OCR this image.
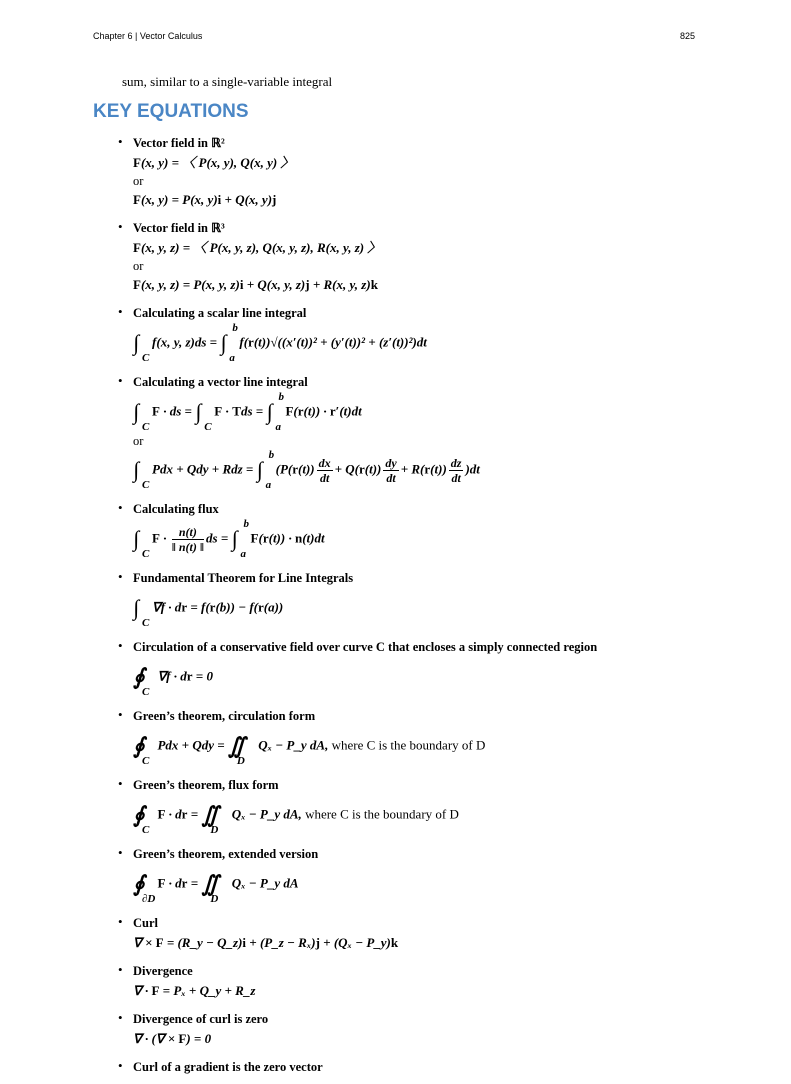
Chapter 6 | Vector Calculus	825
sum, similar to a single-variable integral
KEY EQUATIONS
• Vector field in ℝ²
F(x, y) = 〈 P(x, y), Q(x, y) 〉
or
F(x, y) = P(x, y)i + Q(x, y)j
• Vector field in ℝ³
F(x, y, z) = 〈 P(x, y, z), Q(x, y, z), R(x, y, z) 〉
or
F(x, y, z) = P(x, y, z)i + Q(x, y, z)j + R(x, y, z)k
• Calculating a scalar line integral
∫
C
f(x, y, z)ds = ∫
a
b
f(r(t))√((x′(t))² + (y′(t))² + (z′(t))²)dt
• Calculating a vector line integral
∫
C
F · ds = ∫
C
F · Tds = ∫
a
b
F(r(t)) · r′(t)dt
or
∫
C
Pdx + Qdy + Rdz = ∫
a
b
$(P(r(t)) \frac{dx}{dt} + Q(r(t)) \frac{dy}{dt} + R(r(t)) \frac{dz}{dt} )dt$
• Calculating flux
∫
C
$F \cdot \frac{n(t)}{‖ n(t) ‖}$ ds = ∫
a
b
F(r(t)) · n(t)dt
• Fundamental Theorem for Line Integrals
∫
C
∇f · dr = f(r(b)) − f(r(a))
• Circulation of a conservative field over curve C that encloses a simply connected region
∮
C
∇f · dr = 0
• Green’s theorem, circulation form
∮
C
Pdx + Qdy = ∬
D
Qₓ − P_y dA, where C is the boundary of D
• Green’s theorem, flux form
∮
C
F · dr = ∬
D
Qₓ − P_y dA, where C is the boundary of D
• Green’s theorem, extended version
∮
∂D
F · dr = ∬
D
Qₓ − P_y dA
• Curl
∇ × F = (R_y − Q_z)i + (P_z − Rₓ)j + (Qₓ − P_y)k
• Divergence
∇ · F = Pₓ + Q_y + R_z
• Divergence of curl is zero
∇ · (∇ × F) = 0
• Curl of a gradient is the zero vector
